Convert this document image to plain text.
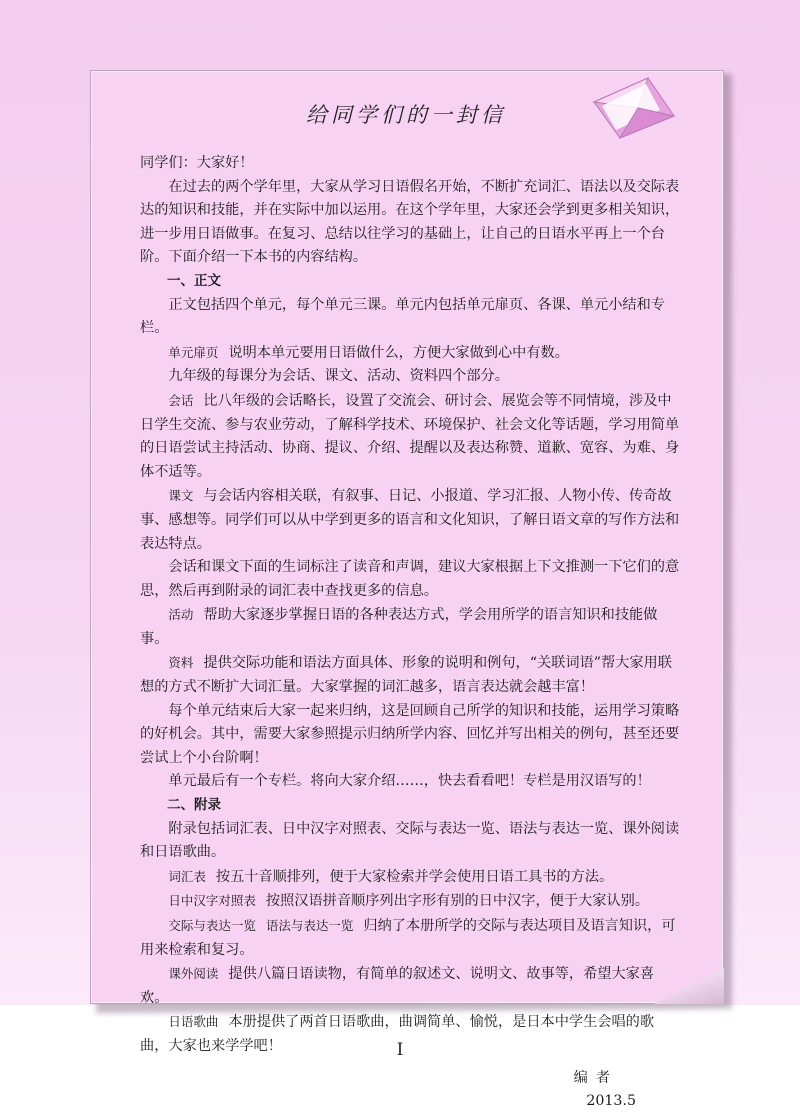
给同学们的一封信

同学们：大家好！

在过去的两个学年里，大家从学习日语假名开始，不断扩充词汇、语法以及交际表达的知识和技能，并在实际中加以运用。在这个学年里，大家还会学到更多相关知识，进一步用日语做事。在复习、总结以往学习的基础上，让自己的日语水平再上一个台阶。下面介绍一下本书的内容结构。

一、正文

正文包括四个单元，每个单元三课。单元内包括单元扉页、各课、单元小结和专栏。

单元扉页 说明本单元要用日语做什么，方便大家做到心中有数。

九年级的每课分为会话、课文、活动、资料四个部分。

会话 比八年级的会话略长，设置了交流会、研讨会、展览会等不同情境，涉及中日学生交流、参与农业劳动，了解科学技术、环境保护、社会文化等话题，学习用简单的日语尝试主持活动、协商、提议、介绍、提醒以及表达称赞、道歉、宽容、为难、身体不适等。

课文 与会话内容相关联，有叙事、日记、小报道、学习汇报、人物小传、传奇故事、感想等。同学们可以从中学到更多的语言和文化知识，了解日语文章的写作方法和表达特点。

会话和课文下面的生词标注了读音和声调，建议大家根据上下文推测一下它们的意思，然后再到附录的词汇表中查找更多的信息。

活动 帮助大家逐步掌握日语的各种表达方式，学会用所学的语言知识和技能做事。

资料 提供交际功能和语法方面具体、形象的说明和例句，“关联词语”帮大家用联想的方式不断扩大词汇量。大家掌握的词汇越多，语言表达就会越丰富！

每个单元结束后大家一起来归纳，这是回顾自己所学的知识和技能，运用学习策略的好机会。其中，需要大家参照提示归纳所学内容、回忆并写出相关的例句，甚至还要尝试上个小台阶啊！

单元最后有一个专栏。将向大家介绍……，快去看看吧！专栏是用汉语写的！

二、附录

附录包括词汇表、日中汉字对照表、交际与表达一览、语法与表达一览、课外阅读和日语歌曲。

词汇表 按五十音顺排列，便于大家检索并学会使用日语工具书的方法。

日中汉字对照表 按照汉语拼音顺序列出字形有别的日中汉字，便于大家认别。

交际与表达一览 语法与表达一览 归纳了本册所学的交际与表达项目及语言知识，可用来检索和复习。

课外阅读 提供八篇日语读物，有简单的叙述文、说明文、故事等，希望大家喜欢。

日语歌曲 本册提供了两首日语歌曲，曲调简单、愉悦，是日本中学生会唱的歌曲，大家也来学学吧！

编者

2013.5

I
